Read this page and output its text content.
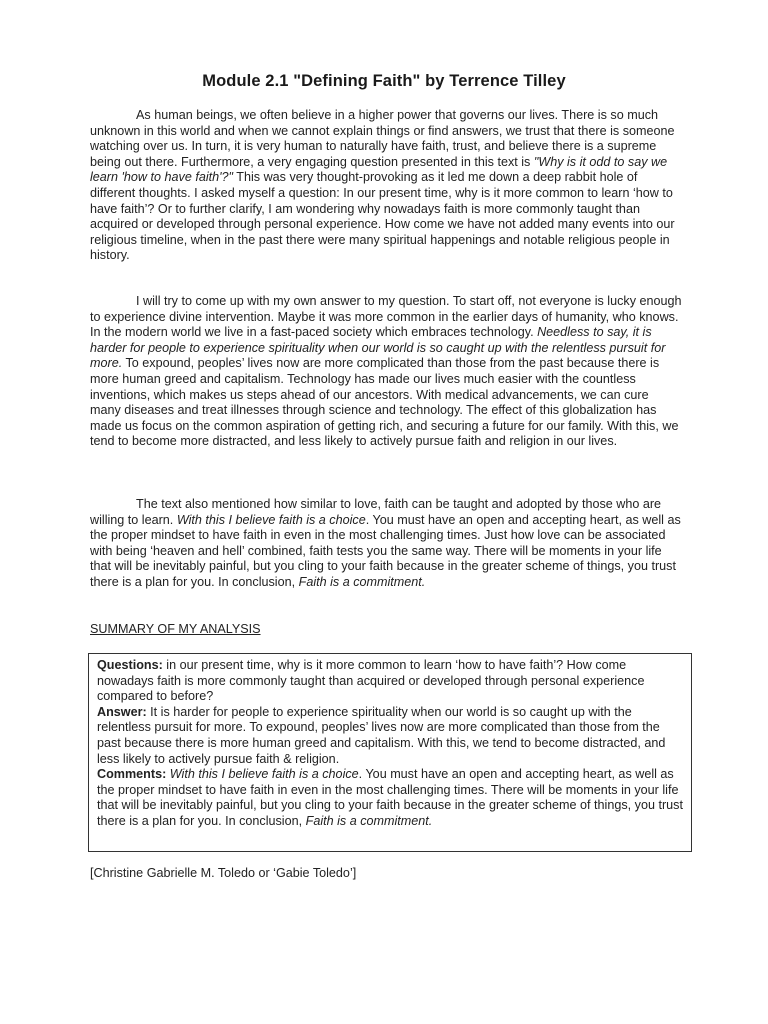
Module 2.1 "Defining Faith" by Terrence Tilley

As human beings, we often believe in a higher power that governs our lives. There is so much unknown in this world and when we cannot explain things or find answers, we trust that there is someone watching over us. In turn, it is very human to naturally have faith, trust, and believe there is a supreme being out there. Furthermore, a very engaging question presented in this text is "Why is it odd to say we learn 'how to have faith'?" This was very thought-provoking as it led me down a deep rabbit hole of different thoughts. I asked myself a question: In our present time, why is it more common to learn ‘how to have faith’? Or to further clarify, I am wondering why nowadays faith is more commonly taught than acquired or developed through personal experience. How come we have not added many events into our religious timeline, when in the past there were many spiritual happenings and notable religious people in history.

I will try to come up with my own answer to my question. To start off, not everyone is lucky enough to experience divine intervention. Maybe it was more common in the earlier days of humanity, who knows. In the modern world we live in a fast-paced society which embraces technology. Needless to say, it is harder for people to experience spirituality when our world is so caught up with the relentless pursuit for more. To expound, peoples’ lives now are more complicated than those from the past because there is more human greed and capitalism. Technology has made our lives much easier with the countless inventions, which makes us steps ahead of our ancestors. With medical advancements, we can cure many diseases and treat illnesses through science and technology. The effect of this globalization has made us focus on the common aspiration of getting rich, and securing a future for our family. With this, we tend to become more distracted, and less likely to actively pursue faith and religion in our lives.

The text also mentioned how similar to love, faith can be taught and adopted by those who are willing to learn. With this I believe faith is a choice. You must have an open and accepting heart, as well as the proper mindset to have faith in even in the most challenging times. Just how love can be associated with being ‘heaven and hell’ combined, faith tests you the same way. There will be moments in your life that will be inevitably painful, but you cling to your faith because in the greater scheme of things, you trust there is a plan for you. In conclusion, Faith is a commitment.

SUMMARY OF MY ANALYSIS

Questions: in our present time, why is it more common to learn ‘how to have faith’? How come nowadays faith is more commonly taught than acquired or developed through personal experience compared to before?

Answer: It is harder for people to experience spirituality when our world is so caught up with the relentless pursuit for more. To expound, peoples’ lives now are more complicated than those from the past because there is more human greed and capitalism. With this, we tend to become distracted, and less likely to actively pursue faith & religion.

Comments: With this I believe faith is a choice. You must have an open and accepting heart, as well as the proper mindset to have faith in even in the most challenging times. There will be moments in your life that will be inevitably painful, but you cling to your faith because in the greater scheme of things, you trust there is a plan for you. In conclusion, Faith is a commitment.

[Christine Gabrielle M. Toledo or ‘Gabie Toledo’]
